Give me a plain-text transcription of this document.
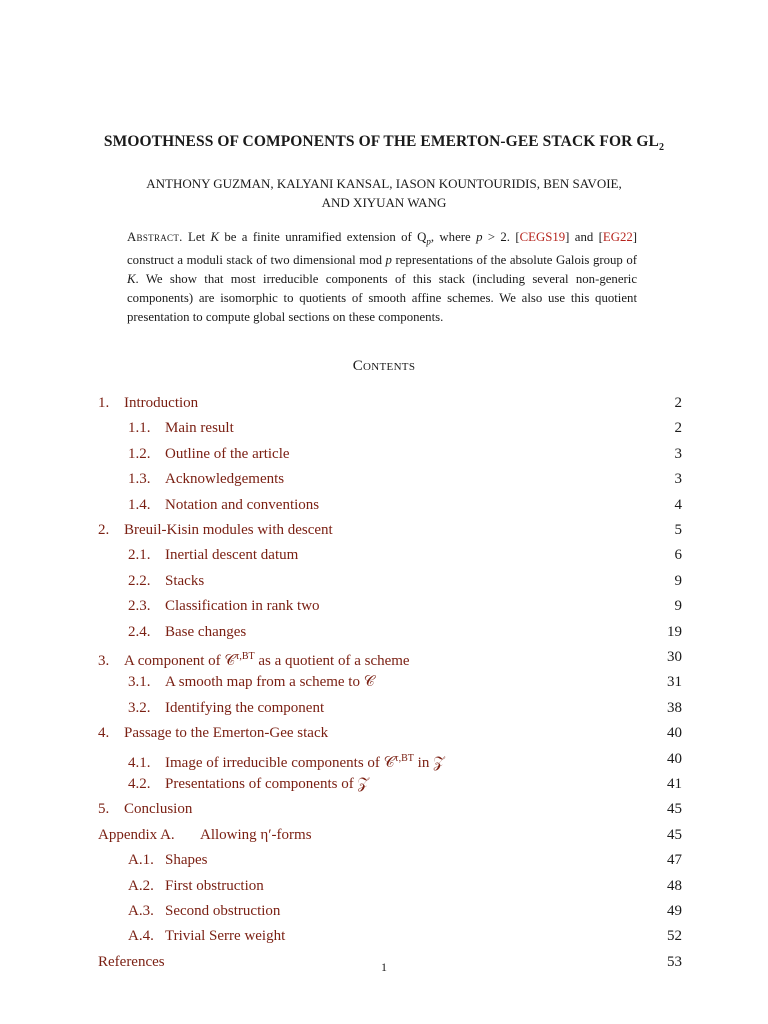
SMOOTHNESS OF COMPONENTS OF THE EMERTON-GEE STACK FOR $GL_2$
ANTHONY GUZMAN, KALYANI KANSAL, IASON KOUNTOURIDIS, BEN SAVOIE,
AND XIYUAN WANG
Abstract. Let K be a finite unramified extension of $Q_p$, where p > 2. [CEGS19] and [EG22] construct a moduli stack of two dimensional mod p representations of the absolute Galois group of K. We show that most irreducible components of this stack (including several non-generic components) are isomorphic to quotients of smooth affine schemes. We also use this quotient presentation to compute global sections on these components.
Contents
1. Introduction	2
1.1. Main result	2
1.2. Outline of the article	3
1.3. Acknowledgements	3
1.4. Notation and conventions	4
2. Breuil-Kisin modules with descent	5
2.1. Inertial descent datum	6
2.2. Stacks	9
2.3. Classification in rank two	9
2.4. Base changes	19
3. A component of 𝒞$^{\tau,BT}$ as a quotient of a scheme	30
3.1. A smooth map from a scheme to 𝒞	31
3.2. Identifying the component	38
4. Passage to the Emerton-Gee stack	40
4.1. Image of irreducible components of 𝒞$^{\tau,BT}$ in 𝒵	40
4.2. Presentations of components of 𝒵	41
5. Conclusion	45
Appendix A. Allowing η′-forms	45
A.1. Shapes	47
A.2. First obstruction	48
A.3. Second obstruction	49
A.4. Trivial Serre weight	52
References	53
1
